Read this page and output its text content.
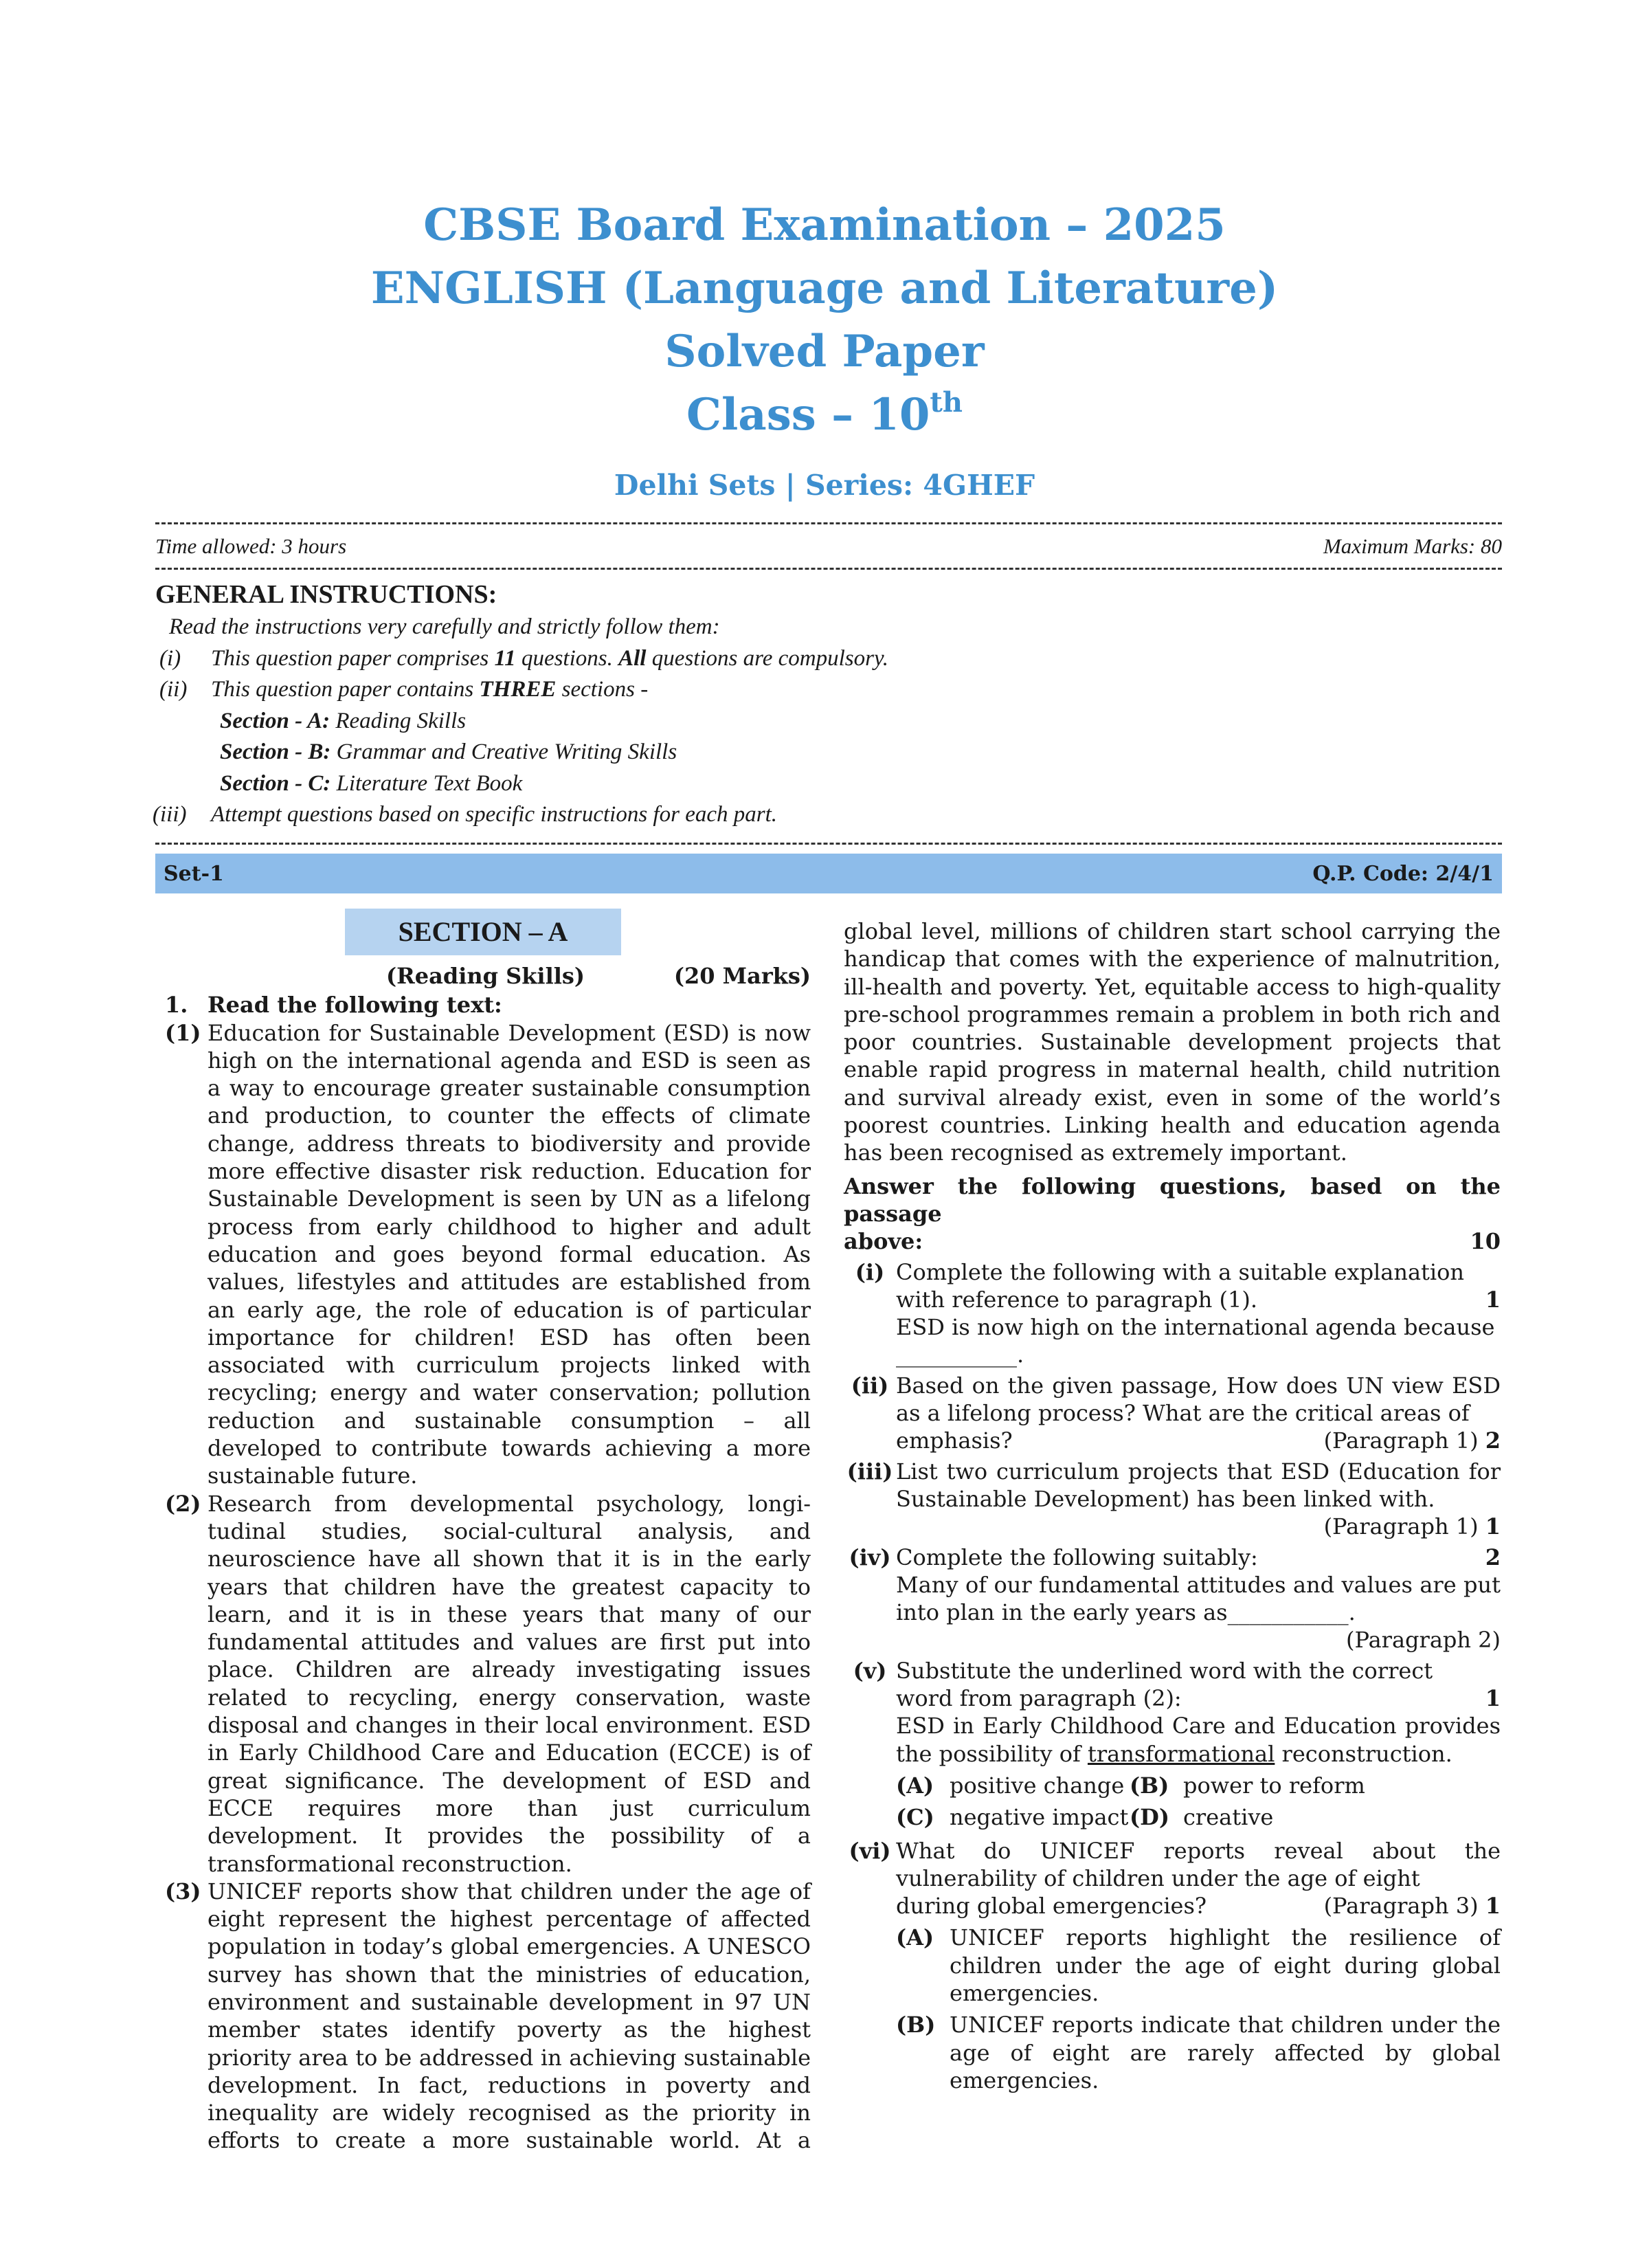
CBSE Board Examination – 2025
ENGLISH (Language and Literature)
Solved Paper
Class – 10th
Delhi Sets | Series: 4GHEF
Time allowed: 3 hours	Maximum Marks: 80
GENERAL INSTRUCTIONS:
Read the instructions very carefully and strictly follow them:
(i)	This question paper comprises 11 questions. All questions are compulsory.
(ii)	This question paper contains THREE sections -
Section - A: Reading Skills
Section - B: Grammar and Creative Writing Skills
Section - C: Literature Text Book
(iii)	Attempt questions based on specific instructions for each part.
Set-1	Q.P. Code: 2/4/1
SECTION – A
(Reading Skills)	(20 Marks)
1. Read the following text:
(1) Education for Sustainable Development (ESD) is now high on the international agenda and ESD is seen as a way to encourage greater sustainable consumption and production, to counter the effects of climate change, address threats to biodiversity and provide more effective disaster risk reduction. Education for Sustainable Development is seen by UN as a lifelong process from early childhood to higher and adult education and goes beyond formal education. As values, lifestyles and attitudes are established from an early age, the role of education is of particular importance for children! ESD has often been associated with curriculum projects linked with recycling; energy and water conservation; pollution reduction and sustainable consumption – all developed to contribute towards achieving a more sustainable future.
(2) Research from developmental psychology, longi-tudinal studies, social-cultural analysis, and neuroscience have all shown that it is in the early years that children have the greatest capacity to learn, and it is in these years that many of our fundamental attitudes and values are first put into place. Children are already investigating issues related to recycling, energy conservation, waste disposal and changes in their local environment. ESD in Early Childhood Care and Education (ECCE) is of great significance. The development of ESD and ECCE requires more than just curriculum development. It provides the possibility of a transformational reconstruction.
(3) UNICEF reports show that children under the age of eight represent the highest percentage of affected population in today’s global emergencies. A UNESCO survey has shown that the ministries of education, environment and sustainable development in 97 UN member states identify poverty as the highest priority area to be addressed in achieving sustainable development. In fact, reductions in poverty and inequality are widely recognised as the priority in efforts to create a more sustainable world. At a
global level, millions of children start school carrying the handicap that comes with the experience of malnutrition, ill-health and poverty. Yet, equitable access to high-quality pre-school programmes remain a problem in both rich and poor countries. Sustainable development projects that enable rapid progress in maternal health, child nutrition and survival already exist, even in some of the world’s poorest countries. Linking health and education agenda has been recognised as extremely important.
Answer the following questions, based on the passage
above:	10
(i) Complete the following with a suitable explanation
with reference to paragraph (1).	1
ESD is now high on the international agenda because
___________.
(ii) Based on the given passage, How does UN view ESD as a lifelong process? What are the critical areas of
emphasis?	(Paragraph 1) 2
(iii) List two curriculum projects that ESD (Education for Sustainable Development) has been linked with.
(Paragraph 1) 1
(iv) Complete the following suitably:	2
Many of our fundamental attitudes and values are put into plan in the early years as___________.
(Paragraph 2)
(v) Substitute the underlined word with the correct
word from paragraph (2):	1
ESD in Early Childhood Care and Education provides the possibility of transformational reconstruction.
(A) positive change (B) power to reform
(C) negative impact (D) creative
(vi) What do UNICEF reports reveal about the vulnerability of children under the age of eight
during global emergencies?	(Paragraph 3) 1
(A) UNICEF reports highlight the resilience of children under the age of eight during global emergencies.
(B) UNICEF reports indicate that children under the age of eight are rarely affected by global emergencies.
